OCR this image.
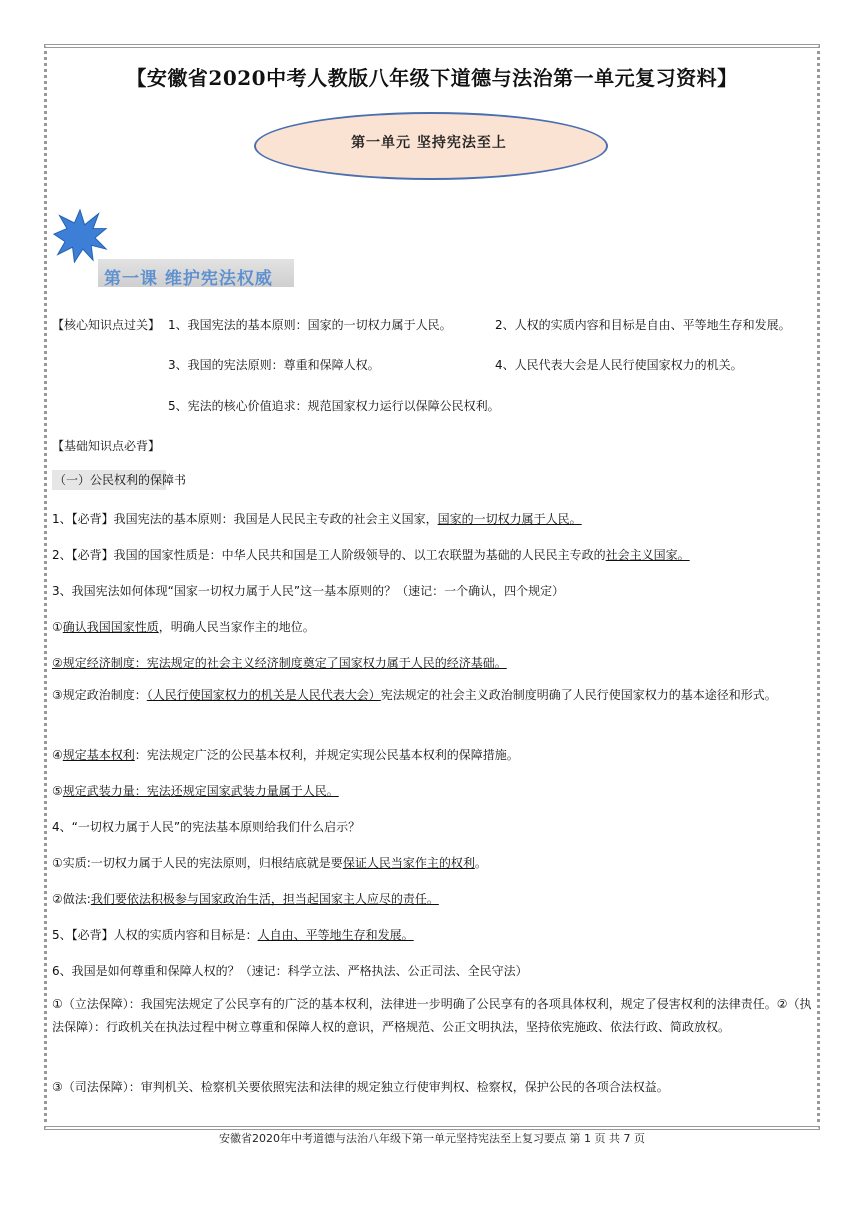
【安徽省2020中考人教版八年级下道德与法治第一单元复习资料】
第一单元 坚持宪法至上
第一课 维护宪法权威
【核心知识点过关】 1、我国宪法的基本原则：国家的一切权力属于人民。	2、人权的实质内容和目标是自由、平等地生存和发展。
3、我国的宪法原则：尊重和保障人权。	4、人民代表大会是人民行使国家权力的机关。
5、宪法的核心价值追求：规范国家权力运行以保障公民权利。
【基础知识点必背】
（一）公民权利的保障书
1、【必背】我国宪法的基本原则：我国是人民民主专政的社会主义国家，国家的一切权力属于人民。
2、【必背】我国的国家性质是：中华人民共和国是工人阶级领导的、以工农联盟为基础的人民民主专政的社会主义国家。
3、我国宪法如何体现“国家一切权力属于人民”这一基本原则的？（速记：一个确认，四个规定）
①确认我国国家性质，明确人民当家作主的地位。
②规定经济制度：宪法规定的社会主义经济制度奠定了国家权力属于人民的经济基础。
③规定政治制度：（人民行使国家权力的机关是人民代表大会）宪法规定的社会主义政治制度明确了人民行使国家权力的基本途径和形式。
④规定基本权利：宪法规定广泛的公民基本权利，并规定实现公民基本权利的保障措施。
⑤规定武装力量：宪法还规定国家武装力量属于人民。
4、“一切权力属于人民”的宪法基本原则给我们什么启示？
①实质:一切权力属于人民的宪法原则，归根结底就是要保证人民当家作主的权利。
②做法:我们要依法积极参与国家政治生活，担当起国家主人应尽的责任。
5、【必背】人权的实质内容和目标是：人自由、平等地生存和发展。
6、我国是如何尊重和保障人权的？（速记：科学立法、严格执法、公正司法、全民守法）
①（立法保障）：我国宪法规定了公民享有的广泛的基本权利，法律进一步明确了公民享有的各项具体权利，规定了侵害权利的法律责任。②（执法保障）：行政机关在执法过程中树立尊重和保障人权的意识，严格规范、公正文明执法，坚持依宪施政、依法行政、简政放权。
③（司法保障）：审判机关、检察机关要依照宪法和法律的规定独立行使审判权、检察权，保护公民的各项合法权益。
安徽省2020年中考道德与法治八年级下第一单元坚持宪法至上复习要点 第 1 页 共 7 页
